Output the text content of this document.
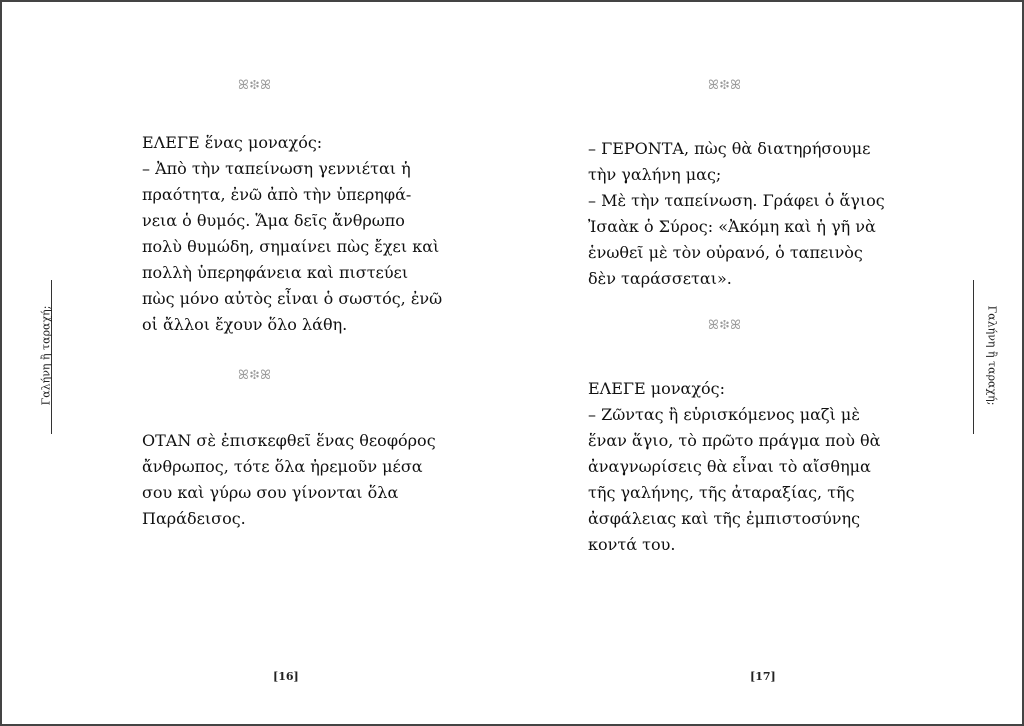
ꕤ❉ꕤ
ΕΛΕΓΕ ἕνας μοναχός:
– Ἀπὸ τὴν ταπείνωση γεννιέται ἡ
πραότητα, ἐνῶ ἀπὸ τὴν ὑπερηφά-
νεια ὁ θυμός. Ἅμα δεῖς ἄνθρωπο
πολὺ θυμώδη, σημαίνει πὼς ἔχει καὶ
πολλὴ ὑπερηφάνεια καὶ πιστεύει
πὼς μόνο αὐτὸς εἶναι ὁ σωστός, ἐνῶ
οἱ ἄλλοι ἔχουν ὅλο λάθη.
ꕤ❉ꕤ
ΟΤΑΝ σὲ ἐπισκεφθεῖ ἕνας θεοφόρος
ἄνθρωπος, τότε ὅλα ἠρεμοῦν μέσα
σου καὶ γύρω σου γίνονται ὅλα
Παράδεισος.
Γαλήνη ἢ ταραχή;
[16]
ꕤ❉ꕤ
– ΓΕΡΟΝΤΑ, πὼς θὰ διατηρήσουμε
τὴν γαλήνη μας;
– Μὲ τὴν ταπείνωση. Γράφει ὁ ἅγιος
Ἰσαὰκ ὁ Σύρος: «Ἀκόμη καὶ ἡ γῆ νὰ
ἑνωθεῖ μὲ τὸν οὐρανό, ὁ ταπεινὸς
δὲν ταράσσεται».
ꕤ❉ꕤ
ΕΛΕΓΕ μοναχός:
– Ζῶντας ἢ εὑρισκόμενος μαζὶ μὲ
ἕναν ἅγιο, τὸ πρῶτο πράγμα ποὺ θὰ
ἀναγνωρίσεις θὰ εἶναι τὸ αἴσθημα
τῆς γαλήνης, τῆς ἀταραξίας, τῆς
ἀσφάλειας καὶ τῆς ἐμπιστοσύνης
κοντά του.
Γαλήνη ἢ ταραχή;
[17]
